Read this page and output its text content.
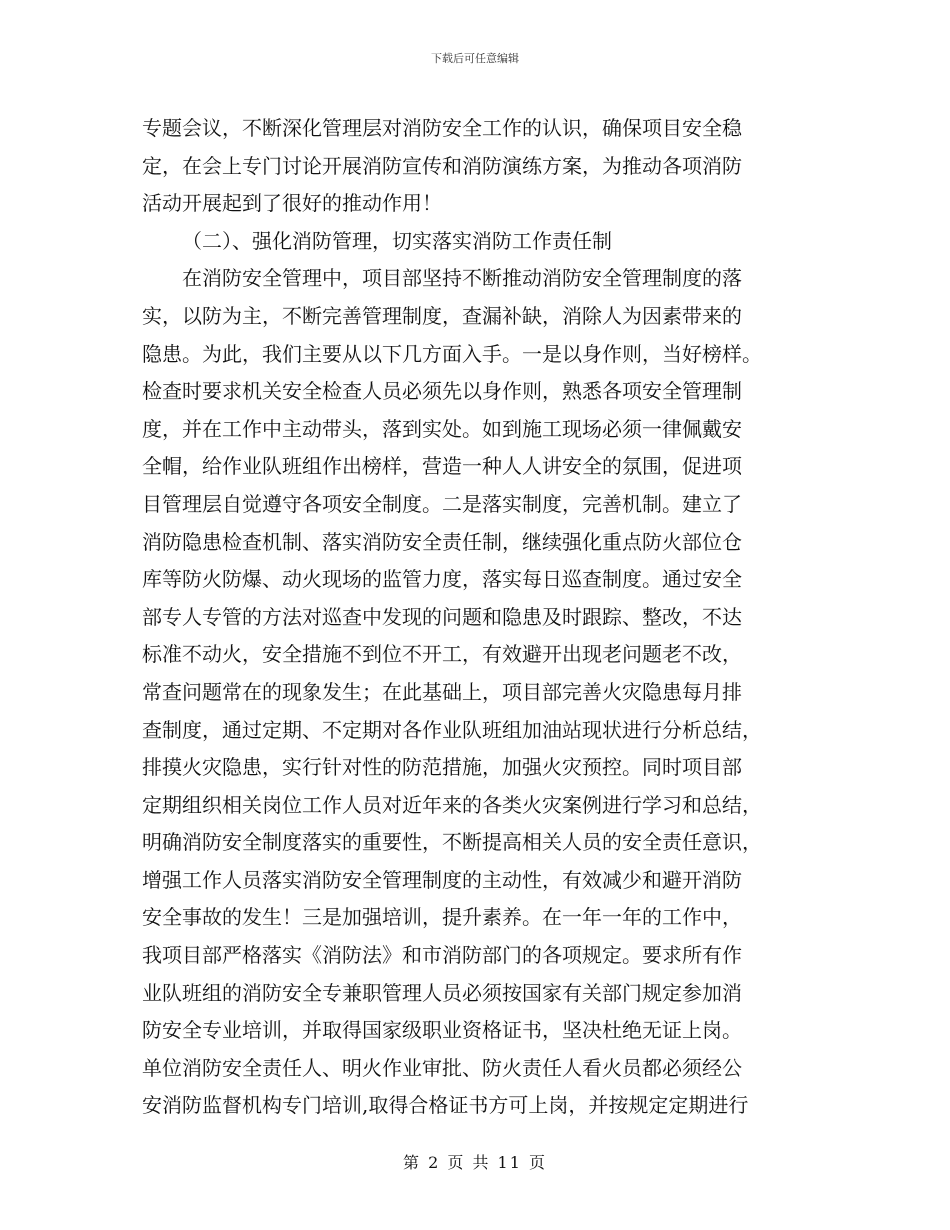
下载后可任意编辑
专题会议，不断深化管理层对消防安全工作的认识，确保项目安全稳
定，在会上专门讨论开展消防宣传和消防演练方案，为推动各项消防
活动开展起到了很好的推动作用！
（二）、强化消防管理，切实落实消防工作责任制
在消防安全管理中，项目部坚持不断推动消防安全管理制度的落
实，以防为主，不断完善管理制度，查漏补缺，消除人为因素带来的
隐患。为此，我们主要从以下几方面入手。一是以身作则，当好榜样。
检查时要求机关安全检查人员必须先以身作则，熟悉各项安全管理制
度，并在工作中主动带头，落到实处。如到施工现场必须一律佩戴安
全帽，给作业队班组作出榜样，营造一种人人讲安全的氛围，促进项
目管理层自觉遵守各项安全制度。二是落实制度，完善机制。建立了
消防隐患检查机制、落实消防安全责任制，继续强化重点防火部位仓
库等防火防爆、动火现场的监管力度，落实每日巡查制度。通过安全
部专人专管的方法对巡查中发现的问题和隐患及时跟踪、整改，不达
标准不动火，安全措施不到位不开工，有效避开出现老问题老不改，
常查问题常在的现象发生；在此基础上，项目部完善火灾隐患每月排
查制度，通过定期、不定期对各作业队班组加油站现状进行分析总结，
排摸火灾隐患，实行针对性的防范措施，加强火灾预控。同时项目部
定期组织相关岗位工作人员对近年来的各类火灾案例进行学习和总结，
明确消防安全制度落实的重要性，不断提高相关人员的安全责任意识，
增强工作人员落实消防安全管理制度的主动性，有效减少和避开消防
安全事故的发生！三是加强培训，提升素养。在一年一年的工作中，
我项目部严格落实《消防法》和市消防部门的各项规定。要求所有作
业队班组的消防安全专兼职管理人员必须按国家有关部门规定参加消
防安全专业培训，并取得国家级职业资格证书，坚决杜绝无证上岗。
单位消防安全责任人、明火作业审批、防火责任人看火员都必须经公
安消防监督机构专门培训,取得合格证书方可上岗，并按规定定期进行
第 2 页 共 11 页
